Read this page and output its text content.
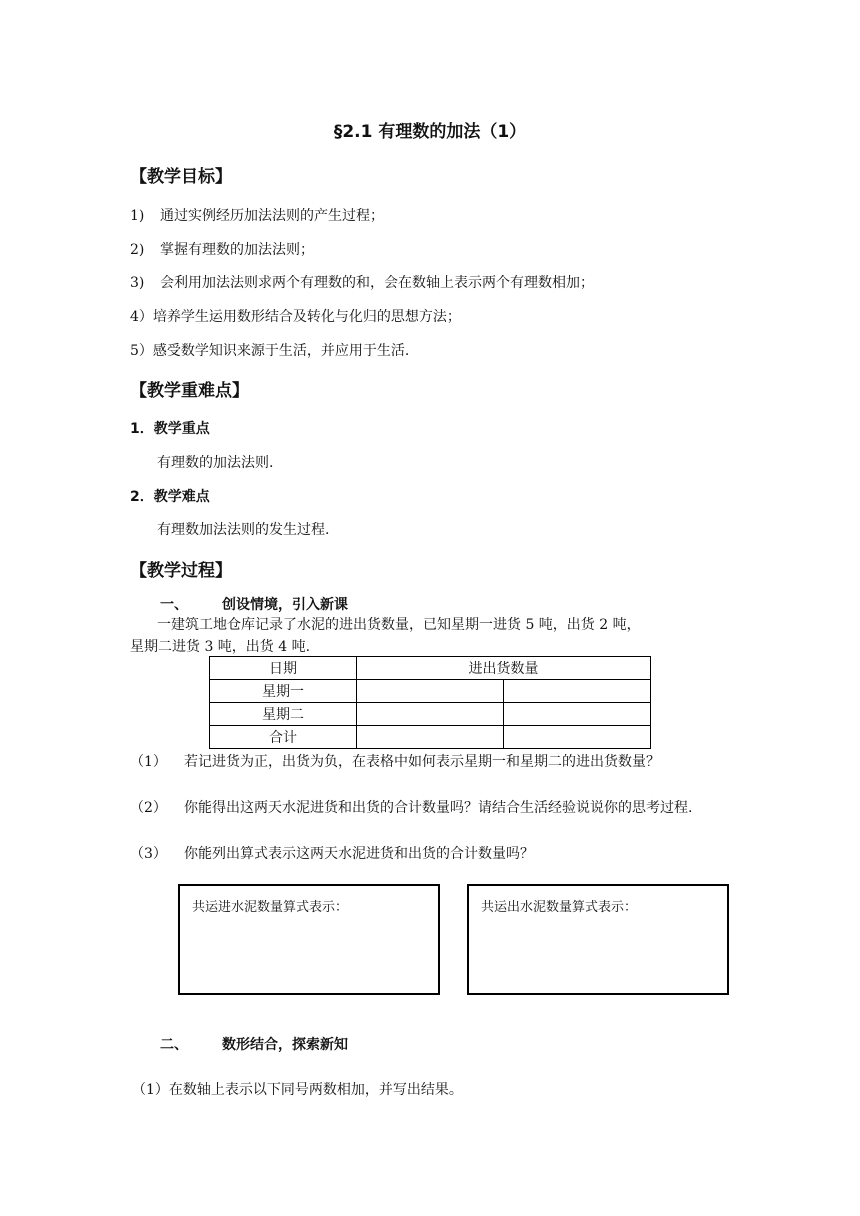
§2.1 有理数的加法（1）
【教学目标】
1) 通过实例经历加法法则的产生过程；
2) 掌握有理数的加法法则；
3) 会利用加法法则求两个有理数的和，会在数轴上表示两个有理数相加；
4）培养学生运用数形结合及转化与化归的思想方法；
5）感受数学知识来源于生活，并应用于生活.
【教学重难点】
1．教学重点
有理数的加法法则.
2．教学难点
有理数加法法则的发生过程.
【教学过程】
一、 创设情境，引入新课
一建筑工地仓库记录了水泥的进出货数量，已知星期一进货 5 吨，出货 2 吨，
星期二进货 3 吨，出货 4 吨.
日期	进出货数量	
星期一		
星期二		
合计		
（1） 若记进货为正，出货为负，在表格中如何表示星期一和星期二的进出货数量？
（2） 你能得出这两天水泥进货和出货的合计数量吗？请结合生活经验说说你的思考过程.
（3） 你能列出算式表示这两天水泥进货和出货的合计数量吗？
共运进水泥数量算式表示：	共运出水泥数量算式表示：
二、 数形结合，探索新知
（1）在数轴上表示以下同号两数相加，并写出结果。
